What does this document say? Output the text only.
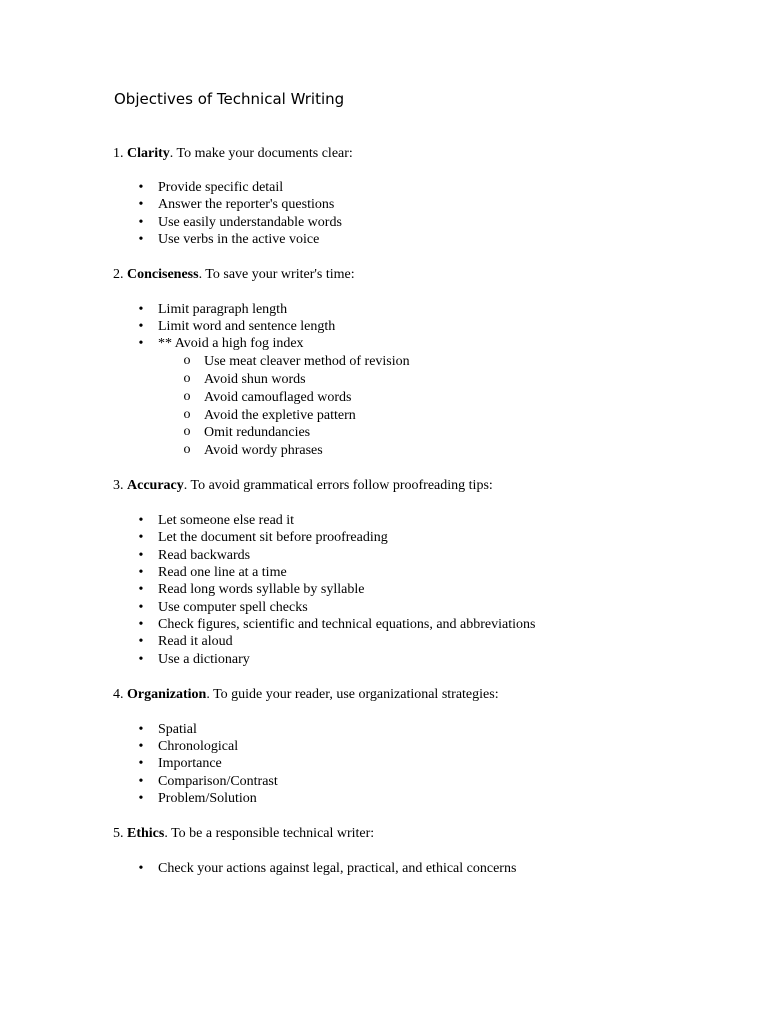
Objectives of Technical Writing
1. Clarity. To make your documents clear:
• Provide specific detail
• Answer the reporter's questions
• Use easily understandable words
• Use verbs in the active voice
2. Conciseness. To save your writer's time:
• Limit paragraph length
• Limit word and sentence length
• ** Avoid a high fog index
o Use meat cleaver method of revision
o Avoid shun words
o Avoid camouflaged words
o Avoid the expletive pattern
o Omit redundancies
o Avoid wordy phrases
3. Accuracy. To avoid grammatical errors follow proofreading tips:
• Let someone else read it
• Let the document sit before proofreading
• Read backwards
• Read one line at a time
• Read long words syllable by syllable
• Use computer spell checks
• Check figures, scientific and technical equations, and abbreviations
• Read it aloud
• Use a dictionary
4. Organization. To guide your reader, use organizational strategies:
• Spatial
• Chronological
• Importance
• Comparison/Contrast
• Problem/Solution
5. Ethics. To be a responsible technical writer:
• Check your actions against legal, practical, and ethical concerns
